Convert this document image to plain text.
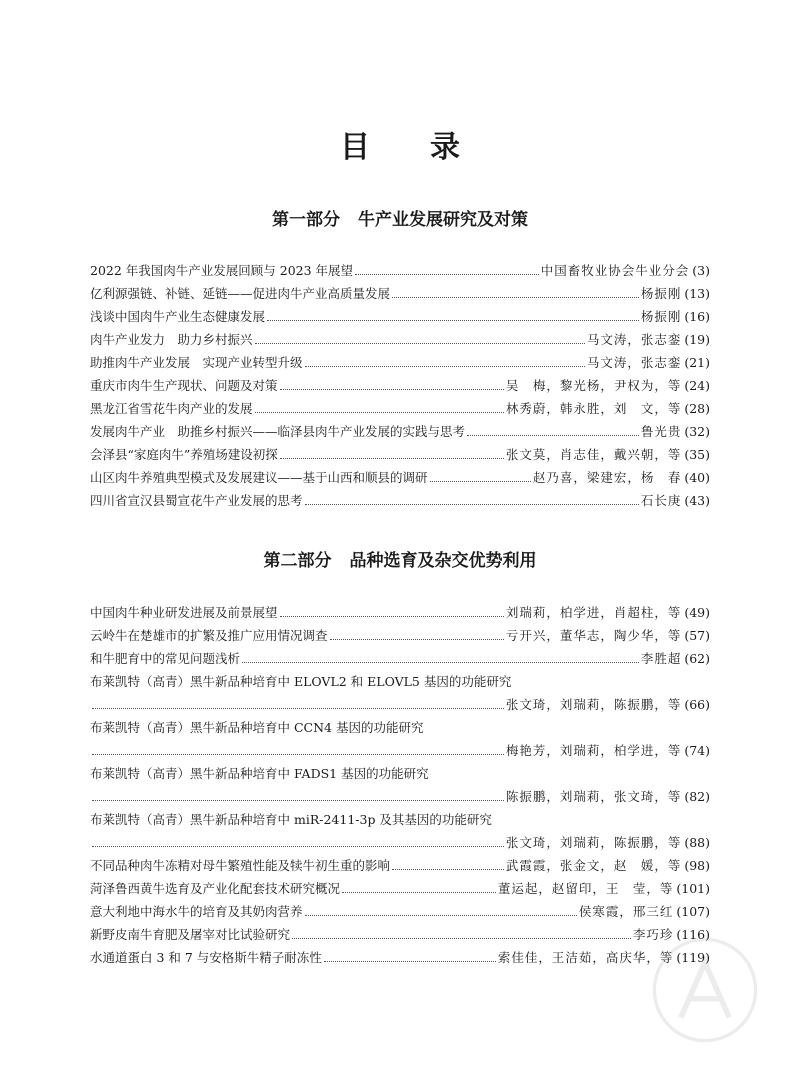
目　　录
第一部分 牛产业发展研究及对策
2022 年我国肉牛产业发展回顾与 2023 年展望	中国畜牧业协会牛业分会 (3)
亿利源强链、补链、延链——促进肉牛产业高质量发展	杨振刚 (13)
浅谈中国肉牛产业生态健康发展	杨振刚 (16)
肉牛产业发力　助力乡村振兴	马文涛，张志銮 (19)
助推肉牛产业发展　实现产业转型升级	马文涛，张志銮 (21)
重庆市肉牛生产现状、问题及对策	吴　梅，黎光杨，尹权为，等 (24)
黑龙江省雪花牛肉产业的发展	林秀蔚，韩永胜，刘　文，等 (28)
发展肉牛产业　助推乡村振兴——临泽县肉牛产业发展的实践与思考	鲁光贵 (32)
会泽县“家庭肉牛”养殖场建设初探	张文莫，肖志佳，戴兴朝，等 (35)
山区肉牛养殖典型模式及发展建议——基于山西和顺县的调研	赵乃喜，梁建宏，杨　春 (40)
四川省宣汉县蜀宣花牛产业发展的思考	石长庚 (43)
第二部分 品种选育及杂交优势利用
中国肉牛种业研发进展及前景展望	刘瑞莉，柏学进，肖超柱，等 (49)
云岭牛在楚雄市的扩繁及推广应用情况调查	亏开兴，董华志，陶少华，等 (57)
和牛肥育中的常见问题浅析	李胜超 (62)
布莱凯特（高青）黑牛新品种培育中 ELOVL2 和 ELOVL5 基因的功能研究
张文琦，刘瑞莉，陈振鹏，等 (66)
布莱凯特（高青）黑牛新品种培育中 CCN4 基因的功能研究
梅艳芳，刘瑞莉，柏学进，等 (74)
布莱凯特（高青）黑牛新品种培育中 FADS1 基因的功能研究
陈振鹏，刘瑞莉，张文琦，等 (82)
布莱凯特（高青）黑牛新品种培育中 miR-2411-3p 及其基因的功能研究
张文琦，刘瑞莉，陈振鹏，等 (88)
不同品种肉牛冻精对母牛繁殖性能及犊牛初生重的影响	武霞霞，张金文，赵　媛，等 (98)
菏泽鲁西黄牛选育及产业化配套技术研究概况	董运起，赵留印，王　莹，等 (101)
意大利地中海水牛的培育及其奶肉营养	侯寒霞，邢三红 (107)
新野皮南牛育肥及屠宰对比试验研究	李巧珍 (116)
水通道蛋白 3 和 7 与安格斯牛精子耐冻性	索佳佳，王洁茹，高庆华，等 (119)
